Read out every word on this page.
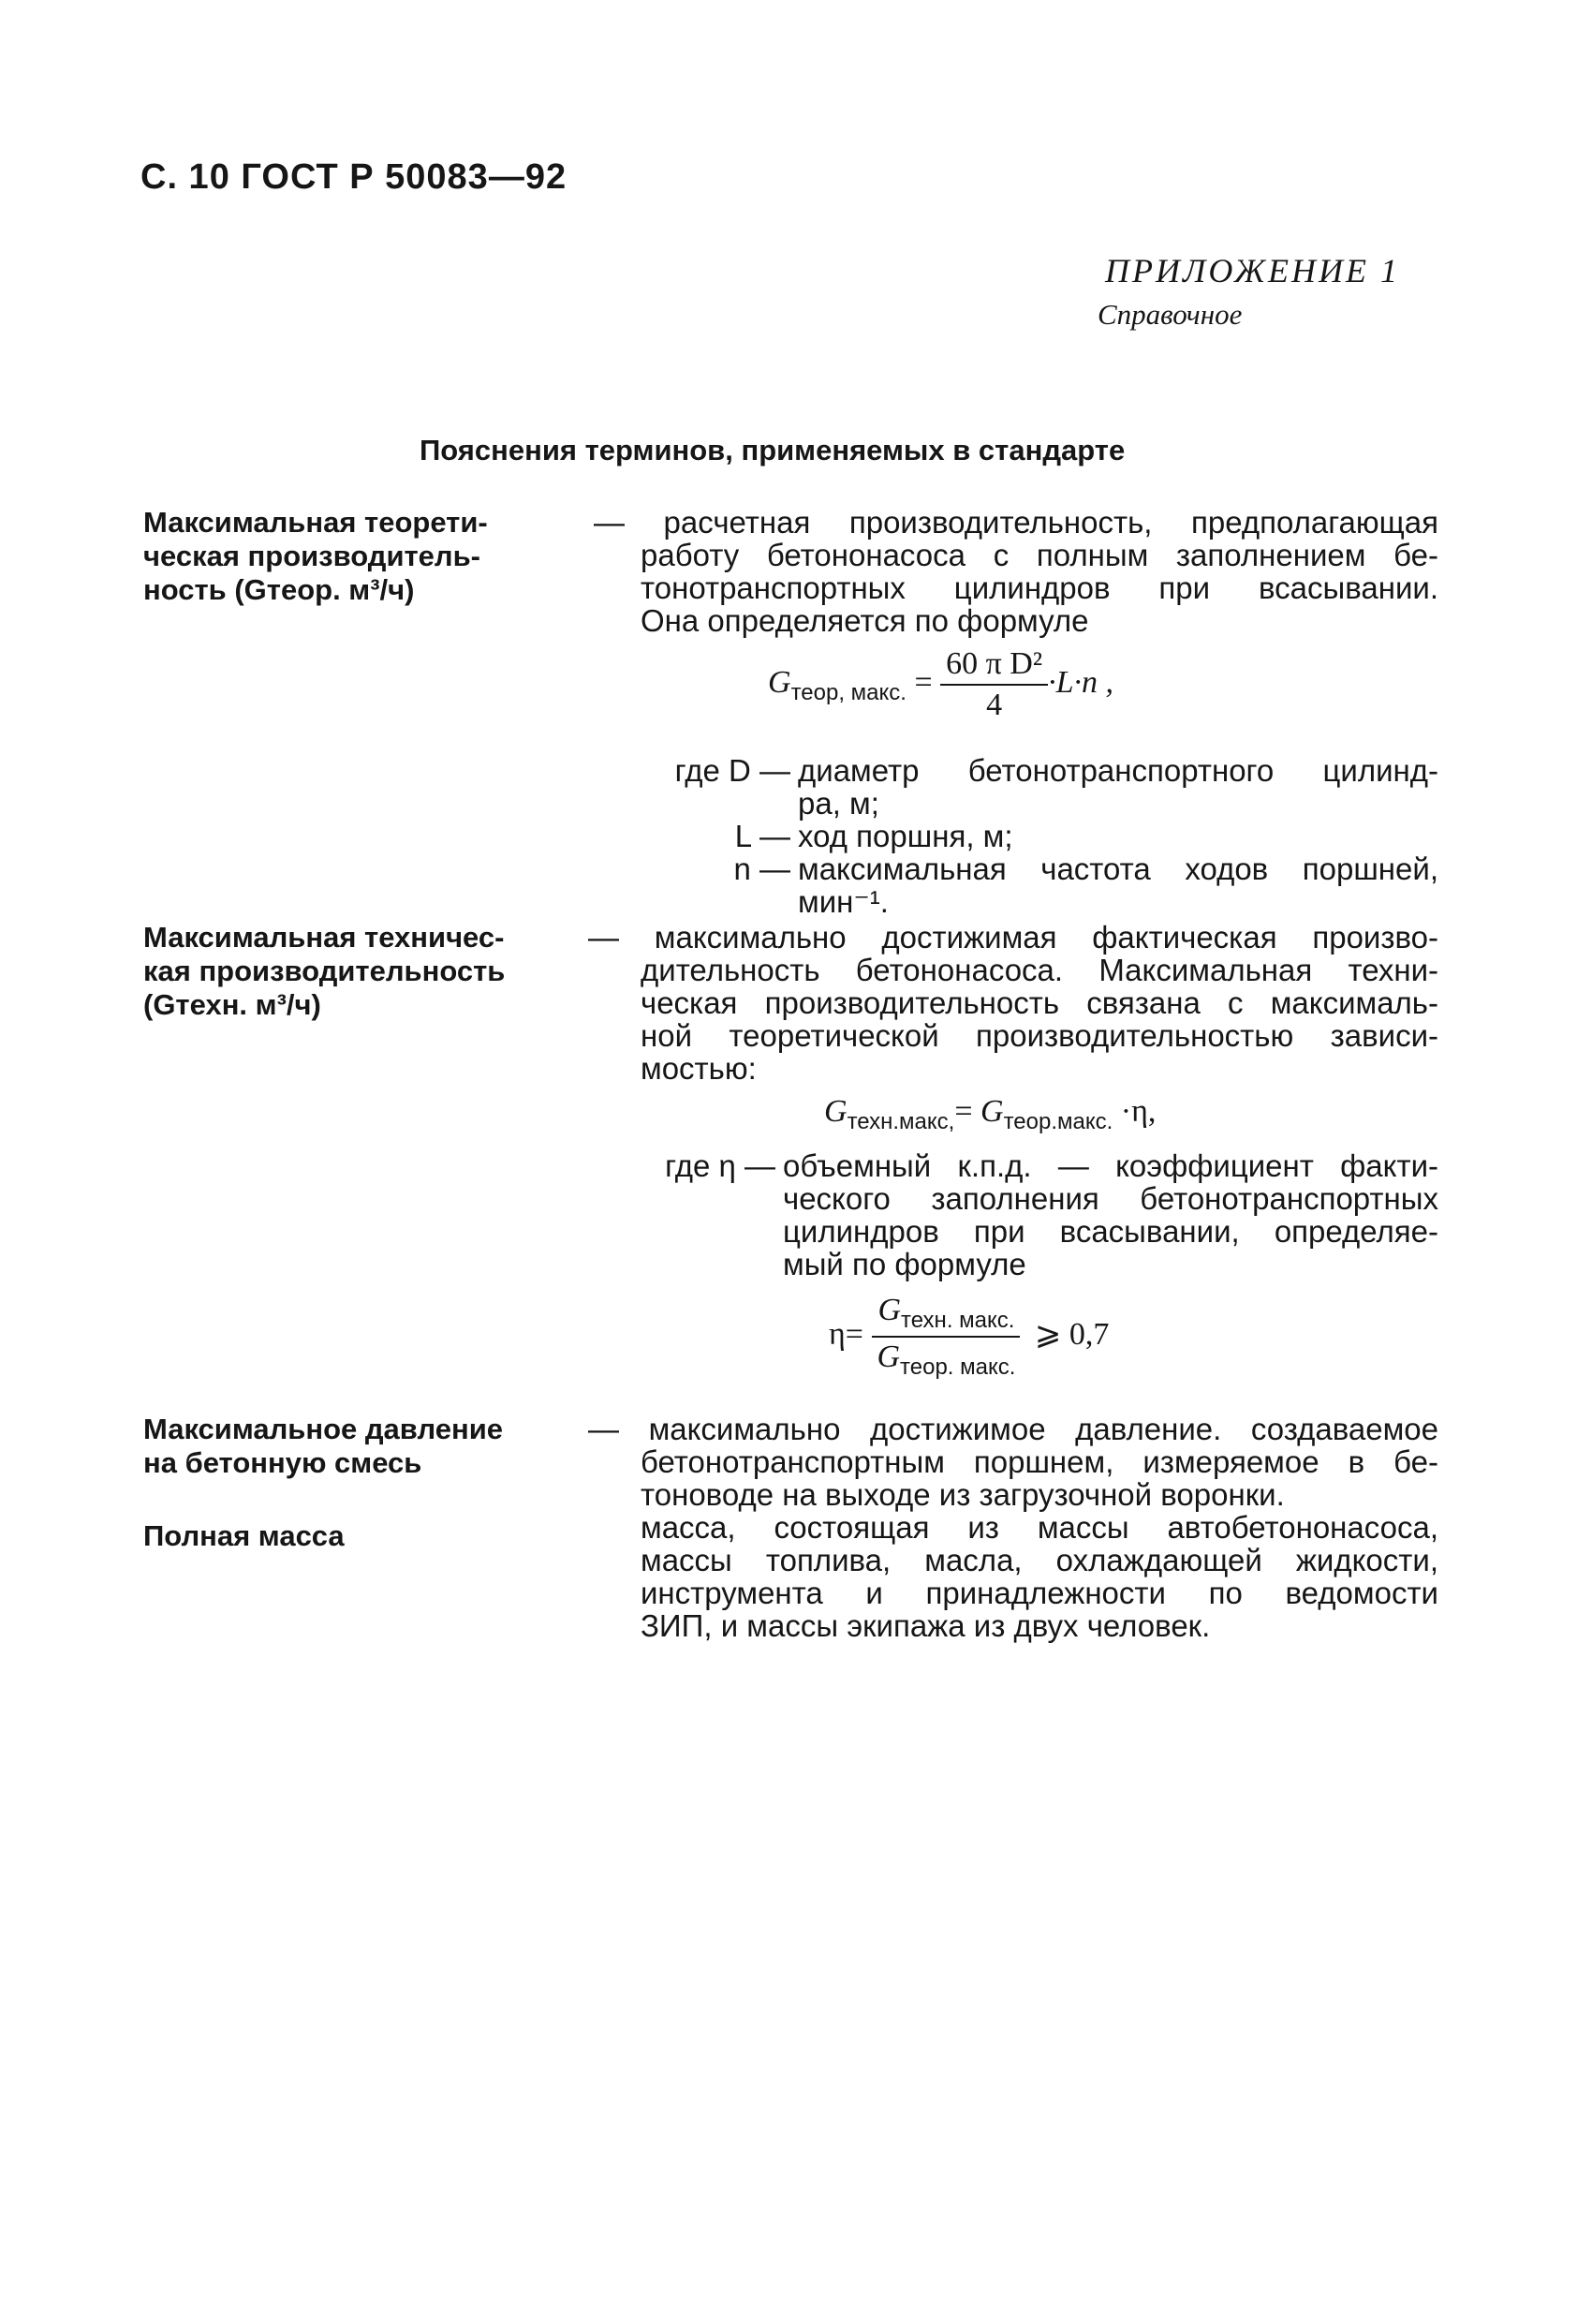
С. 10 ГОСТ Р 50083—92
ПРИЛОЖЕНИЕ 1
Справочное
Пояснения терминов, применяемых в стандарте
Максимальная теорети-
ческая производитель-
ность (Gтеор. м³/ч)
— расчетная производительность, предполагающая
работу бетононасоса с полным заполнением бе-
тонотранспортных цилиндров при всасывании.
Она определяется по формуле
$G_{теор, макс.} = \frac{\text{60 π D²}}{4} \cdot L\cdot n$ ,
где D — диаметр бетонотранспортного цилинд-
ра, м;
L — ход поршня, м;
n — максимальная частота ходов поршней,
мин⁻¹.
Максимальная техничес-
кая производительность
(Gтехн. м³/ч)
— максимально достижимая фактическая произво-
дительность бетононасоса. Максимальная техни-
ческая производительность связана с максималь-
ной теоретической производительностью зависи-
мостью:
$G_{техн.макс,}= G_{теор.макс.} \cdot\eta$,
где η — объемный к.п.д. — коэффициент факти-
ческого заполнения бетонотранспортных
цилиндров при всасывании, определяе-
мый по формуле
$\eta= \frac{G_{техн. макс.}}{G_{теор. макс.}}$ ⩾ 0,7
Максимальное давление
на бетонную смесь
— максимально достижимое давление. создаваемое
бетонотранспортным поршнем, измеряемое в бе-
тоноводе на выходе из загрузочной воронки.
Полная масса	масса, состоящая из массы автобетононасоса,
массы топлива, масла, охлаждающей жидкости,
инструмента и принадлежности по ведомости
ЗИП, и массы экипажа из двух человек.
